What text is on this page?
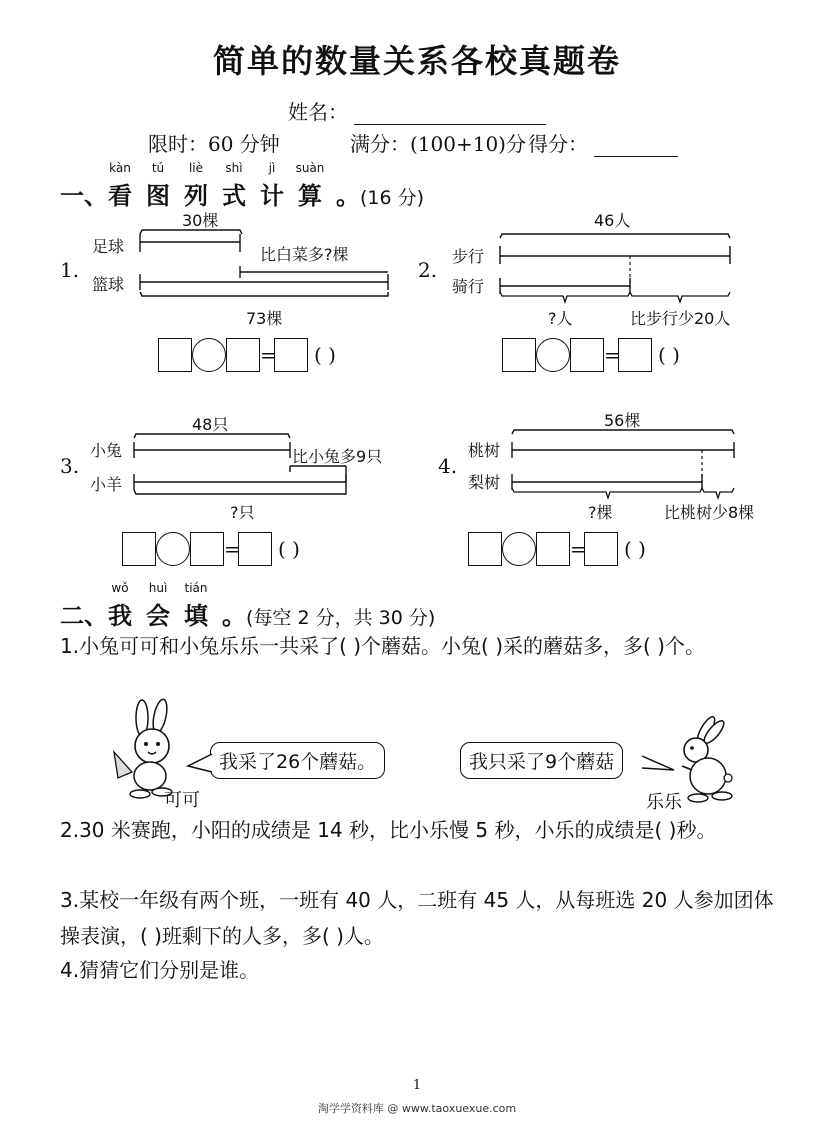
简单的数量关系各校真题卷
姓名：
限时：60 分钟	满分：(100+10)分 得分：
一、
kàn
看
tú
图
liè
列
shì
式
jì
计
suàn
算 。(16 分)
1.
足球
篮球
30棵
比白菜多?棵
73棵
= ( )
2.
步行
骑行
46人
?人	比步行少20人
= ( )
3.
小兔
小羊
48只
比小兔多9只
?只
= ( )
4.
桃树
梨树
56棵
?棵	比桃树少8棵
= ( )
二、
wǒ
我
huì
会
tián
填 。(每空 2 分，共 30 分)
1.小兔可可和小兔乐乐一共采了( )个蘑菇。小兔( )采的蘑菇多，多( )个。
可可
我采了26个蘑菇。	我只采了9个蘑菇
乐乐
2.30 米赛跑，小阳的成绩是 14 秒，比小乐慢 5 秒，小乐的成绩是( )秒。
3.某校一年级有两个班，一班有 40 人，二班有 45 人，从每班选 20 人参加团体操表演，( )班剩下的人多，多( )人。
4.猜猜它们分别是谁。
1
淘学学资料库 @ www.taoxuexue.com
